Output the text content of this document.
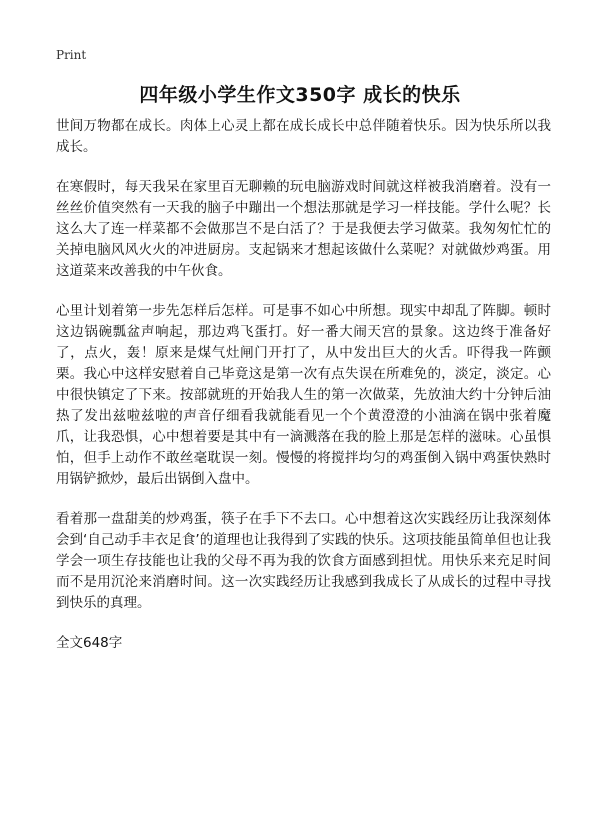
Print
四年级小学生作文350字 成长的快乐

世间万物都在成长。肉体上心灵上都在成长成长中总伴随着快乐。因为快乐所以我成长。

在寒假时，每天我呆在家里百无聊赖的玩电脑游戏时间就这样被我消磨着。没有一丝丝价值突然有一天我的脑子中蹦出一个想法那就是学习一样技能。学什么呢？长这么大了连一样菜都不会做那岂不是白活了？于是我便去学习做菜。我匆匆忙忙的关掉电脑风风火火的冲进厨房。支起锅来才想起该做什么菜呢？对就做炒鸡蛋。用这道菜来改善我的中午伙食。

心里计划着第一步先怎样后怎样。可是事不如心中所想。现实中却乱了阵脚。顿时这边锅碗瓢盆声响起，那边鸡飞蛋打。好一番大闹天宫的景象。这边终于准备好了，点火，轰！原来是煤气灶闸门开打了，从中发出巨大的火舌。吓得我一阵颤栗。我心中这样安慰着自己毕竟这是第一次有点失误在所难免的，淡定，淡定。心中很快镇定了下来。按部就班的开始我人生的第一次做菜，先放油大约十分钟后油热了发出兹啦兹啦的声音仔细看我就能看见一个个黄澄澄的小油滴在锅中张着魔爪，让我恐惧，心中想着要是其中有一滴溅落在我的脸上那是怎样的滋味。心虽惧怕，但手上动作不敢丝毫耽误一刻。慢慢的将搅拌均匀的鸡蛋倒入锅中鸡蛋快熟时用锅铲掀炒，最后出锅倒入盘中。

看着那一盘甜美的炒鸡蛋，筷子在手下不去口。心中想着这次实践经历让我深刻体会到‘自己动手丰衣足食’的道理也让我得到了实践的快乐。这项技能虽简单但也让我学会一项生存技能也让我的父母不再为我的饮食方面感到担忧。用快乐来充足时间而不是用沉沦来消磨时间。这一次实践经历让我感到我成长了从成长的过程中寻找到快乐的真理。

全文648字
